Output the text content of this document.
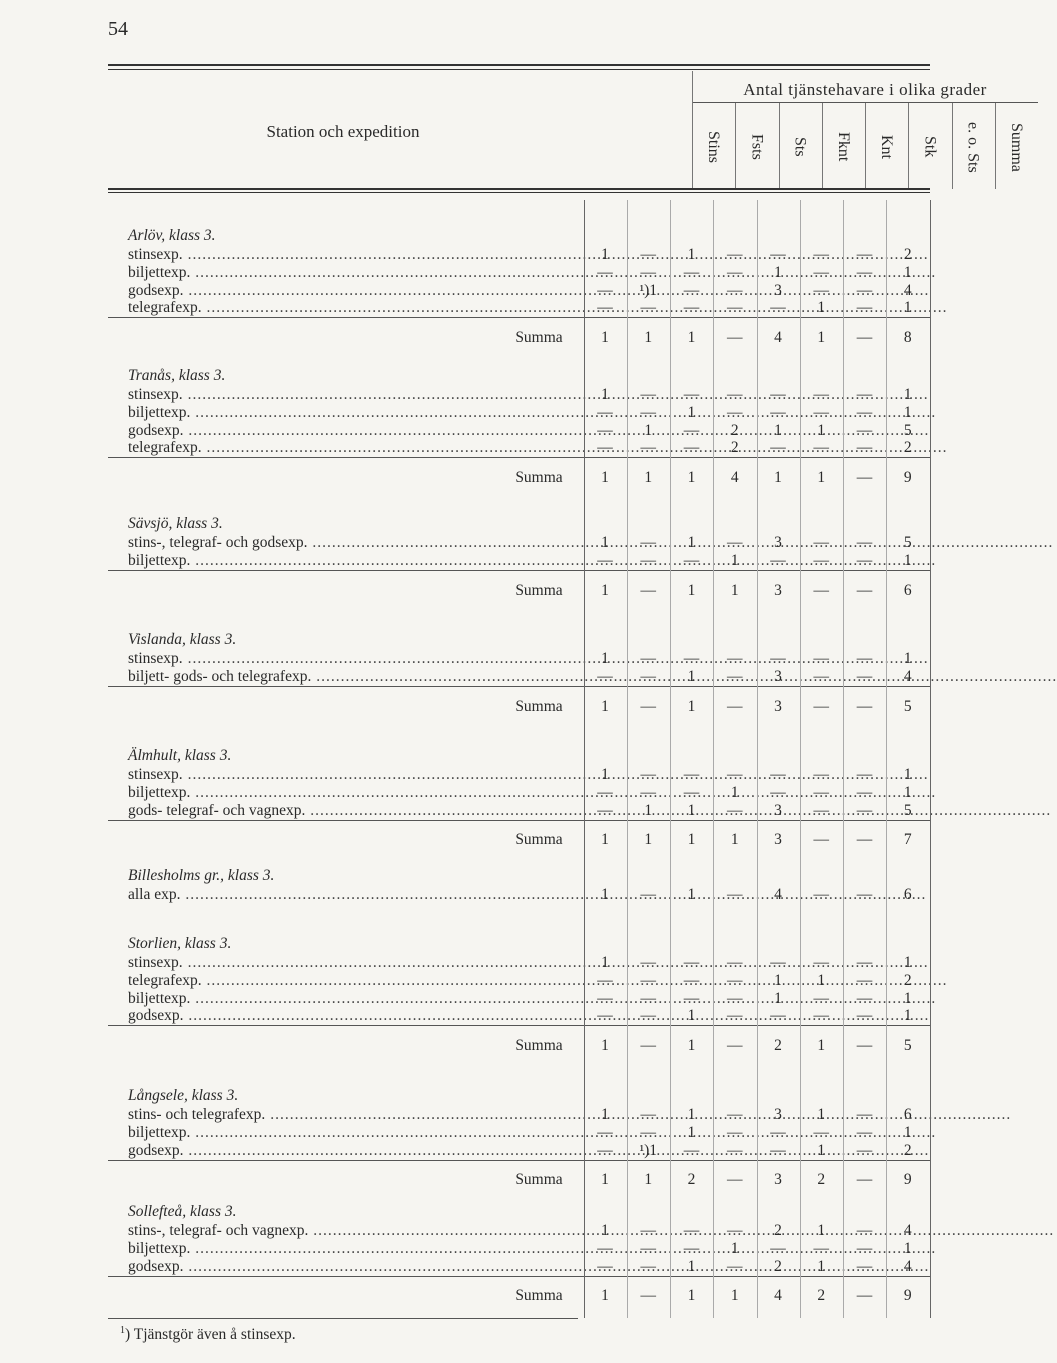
54
Station och expedition
Antal tjänstehavare i olika grader
Stins Fsts Sts Fknt Knt Stk e. o. Sts Summa
Arlöv, klass 3.
stinsexp. .....	1	—	1	—	—	—	—	2
biljettexp. .....	—	—	—	—	1	—	—	1
godsexp. .....	—	¹)1	—	—	3	—	—	4
telegrafexp. .....	—	—	—	—	—	1	—	1
Summa	1	1	1	—	4	1	—	8
Tranås, klass 3.
stinsexp. .....	1	—	—	—	—	—	—	1
biljettexp. .....	—	—	1	—	—	—	—	1
godsexp. .....	—	1	—	2	1	1	—	5
telegrafexp. .....	—	—	—	2	—	—	—	2
Summa	1	1	1	4	1	1	—	9
Sävsjö, klass 3.
stins-, telegraf- och godsexp. .....	1	—	1	—	3	—	—	5
biljettexp. .....	—	—	—	1	—	—	—	1
Summa	1	—	1	1	3	—	—	6
Vislanda, klass 3.
stinsexp. .....	1	—	—	—	—	—	—	1
biljett- gods- och telegrafexp. .....	—	—	1	—	3	—	—	4
Summa	1	—	1	—	3	—	—	5
Älmhult, klass 3.
stinsexp. .....	1	—	—	—	—	—	—	1
biljettexp. .....	—	—	—	1	—	—	—	1
gods- telegraf- och vagnexp. .....	—	1	1	—	3	—	—	5
Summa	1	1	1	1	3	—	—	7
Billesholms gr., klass 3.
alla exp. .....	1	—	1	—	4	—	—	6
Storlien, klass 3.
stinsexp. .....	1	—	—	—	—	—	—	1
telegrafexp. .....	—	—	—	—	1	1	—	2
biljettexp. .....	—	—	—	—	1	—	—	1
godsexp. .....	—	—	1	—	—	—	—	1
Summa	1	—	1	—	2	1	—	5
Långsele, klass 3.
stins- och telegrafexp. .....	1	—	1	—	3	1	—	6
biljettexp. .....	—	—	1	—	—	—	—	1
godsexp. .....	—	¹)1	—	—	—	1	—	2
Summa	1	1	2	—	3	2	—	9
Sollefteå, klass 3.
stins-, telegraf- och vagnexp. .....	1	—	—	—	2	1	—	4
biljettexp. .....	—	—	—	1	—	—	—	1
godsexp. .....	—	—	1	—	2	1	—	4
Summa	1	—	1	1	4	2	—	9
$^1$) Tjänstgör även å stinsexp.
